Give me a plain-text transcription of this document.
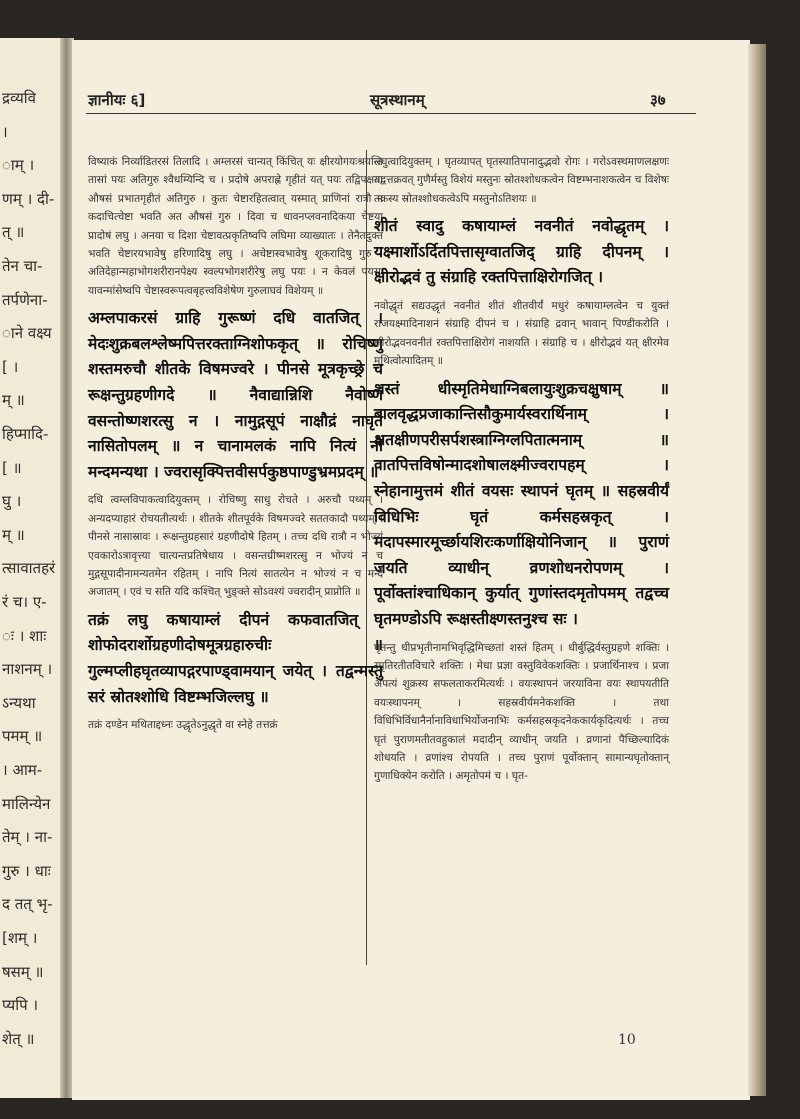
द्रव्यवि
।
ाम् ।
णम् । दी-
त् ॥
तेन चा-
तर्पणेना-
ाने वक्ष्य
[ ।
म् ॥
हिप्मादि-
[ ॥
घु ।
म् ॥
त्सावातहरं
रं च। ए-
ः । शाः
नाशनम् ।
ऽन्यथा
पमम् ॥
। आम-
मालिन्येन
तेम् । ना-
गुरु । धाः
द तत् भृ-
[शम् ।
षसम् ॥
प्यपि ।
शेत् ॥
ज्ञानीयः ६]	सूत्रस्थानम्	३७

विष्याकं निर्व्याडितरसं तिलादि । अम्लरसं चान्यत् किंचित् यः क्षीरयोगयःश्रयन्ति तासां पयः अतिगुरु श्वैधम्यिन्दि च । प्रदोषे अपराह्णे गृहीतं यत् पयः तद्विपक्षया औषसं प्रभातगृहीतं अतिगुरु । कुतः चेष्टारहितत्वात् यस्मात् प्राणिनां रात्रौ न कदाचित्चेष्टा भवति अत औषसं गुरु । दिवा च धावनप्लवनादिकया चेष्टया प्रादोषं लघु । अनया च दिशा चेष्टावत्प्रकृतिष्वपि लघिमा व्याख्यातः । तेनैतदुक्तं भवति चेष्टारयभावेषु हरिणादिषु लघु । अचेष्टास्वभावेषु शूकरादिषु गुरु । अतिदेहान्महाभोगशरीरानपेक्ष्य स्वल्पभोगशरीरेषु लघु पयः । न केवलं पयसः यावन्मांसेष्वपि चेष्टास्वरूपत्वबृहत्त्वविशेषेण गुरुलाघवं विशेयम् ॥

अम्लपाकरसं ग्राहि गुरूष्णं दधि वातजित् । मेदःशुक्रबलश्लेष्मपित्तरक्ताग्निशोफकृत् ॥ रोचिष्णु शस्तमरुचौ शीतके विषमज्वरे । पीनसे मूत्रकृच्छ्रे च रूक्षन्तुग्रहणीगदे ॥ नैवाद्यान्निशि नैवोष्णं वसन्तोष्णशरत्सु न । नामुद्गसूपं नाक्षौद्रं नाघृतं नासितोपलम् ॥ न चानामलकं नापि नित्यं नो मन्दमन्यथा । ज्वरासृक्पित्तवीसर्पकुष्ठपाण्डुभ्रमप्रदम् ॥

दधि त्वम्लविपाकत्वादियुक्तम् । रोचिष्णु साधु रोचते । अरुचौ पथ्यम् । अन्यदप्याहारं रोचयतीत्यर्थः । शीतके शीतपूर्वके विषमज्वरे सततकादौ पथ्यम् । पीनसे नासास्रावः । रूक्षन्तुग्रहसारं ग्रहणीदोषे हितम् । तच्च दधि रात्रौ न भोज्यं एवकारोऽत्रावृत्त्या चात्यन्तप्रतिषेधाय । वसन्तग्रीष्मशरत्सु न भोज्यं न च मुद्गसूपादीनामन्यतमेन रहितम् । नापि नित्यं सातत्येन न भोज्यं न च मन्दं अजातम् । एवं च सति यदि कश्चित् भुङ्क्ते सोऽवश्यं ज्वरादीन् प्राप्नोति ॥

तक्रं लघु कषायाम्लं दीपनं कफवातजित् । शोफोदरार्शोग्रहणीदोषमूत्रग्रहारुचीः ॥ गुल्मप्लीहघृतव्यापद्गरपाण्ड्वामयान् जयेत् । तद्वन्मस्तु सरं स्रोतश्शोधि विष्टम्भजिल्लघु ॥

तक्रं दण्डेन मथिताद्दध्नः उद्धृतेऽनुद्धृते वा स्नेहे तत्तक्रं

लघुत्वादियुक्तम् । घृतव्यापत् घृतस्यातिपानादुद्भवो रोगः । गरोऽवस्थमाणलक्षणः तद्वत्तक्रवत् गुणैर्मस्तु विशेयं मस्तुनः स्रोतश्शोधकत्वेन विष्टम्भनाशकत्वेन च विशेषः तक्रस्य स्रोतश्शोधकत्वेऽपि मस्तुनोऽतिशयः ॥

शीतं स्वादु कषायाम्लं नवनीतं नवोद्धृतम् । यक्ष्मार्शोऽर्दितपित्तासृग्वातजिद् ग्राहि दीपनम् । क्षीरोद्भवं तु संग्राहि रक्तपित्ताक्षिरोगजित् ।

नवोद्धृतं सद्यउद्धृतं नवनीतं शीतं शीतवीर्यं मधुरं कषायाम्लत्वेन च युक्तं राजयक्ष्मादिनाशनं संग्राहि दीपनं च । संग्राहि द्रवान् भावान् पिण्डीकरोति । क्षीरोद्भवनवनीतं रक्तपित्ताक्षिरोगं नाशयति । संग्राहि च । क्षीरोद्भवं यत् क्षीरमेव मथित्वोत्पादितम् ॥

शस्तं धीस्मृतिमेधाग्निबलायुःशुक्रचक्षुषाम् ॥ बालवृद्धप्रजाकान्तिसौकुमार्यस्वरार्थिनाम् । क्षतक्षीणपरीसर्पशस्त्राग्निग्लपितात्मनाम् ॥ वातपित्तविषोन्मादशोषालक्ष्मीज्वरापहम् । स्नेहानामुत्तमं शीतं वयसः स्थापनं घृतम् ॥ सहस्रवीर्यं विधिभिः घृतं कर्मसहस्रकृत् । मदापस्मारमूर्च्छायशिरःकर्णाक्षियोनिजान् ॥ पुराणं जयति व्याधीन् व्रणशोधनरोपणम् । पूर्वोक्तांश्चाधिकान् कुर्यात् गुणांस्तदमृतोपमम् तद्वच्च घृतमण्डोऽपि रूक्षस्तीक्ष्णस्तनुश्च सः ।

घृतन्तु धीप्रभृतीनामभिवृद्धिमिच्छतां शस्तं हितम् । धीर्बुद्धिर्वस्तुग्रहणे शक्तिः । स्मृतिरतीतविचारे शक्तिः । मेधा प्रज्ञा वस्तुविवेकशक्तिः । प्रजार्थिनाश्च । प्रजा अपत्यं शुक्रस्य सफलताकरमित्यर्थः । वयःस्थापनं जरयाविना वयः स्थापयतीति वयःस्थापनम् । सहस्रवीर्यमनेकशक्ति । तथा विधिभिर्विधानैर्नानाविधाभिर्योजनाभिः कर्मसहस्रकृदनेककार्यकृदित्यर्थः । तच्च घृतं पुराणमतीतवहुकालं मदादीन् व्याधीन् जयति । व्रणानां पैच्छिल्यादिकं शोधयति । व्रणांश्च रोपयति । तच्च पुराणं पूर्वोक्तान् सामान्यघृतोक्तान् गुणाधिक्येन करोति । अमृतोपमं च । घृत-

10
